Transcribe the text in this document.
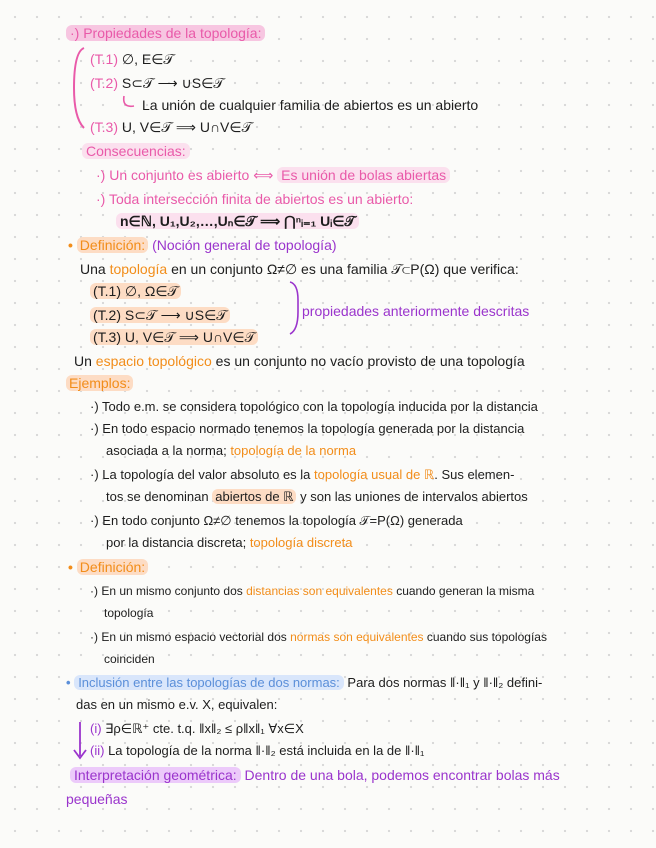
·) Propiedades de la topología:
(T.1) ∅, E∈𝒯
(T.2) S⊂𝒯 ⟶ ∪S∈𝒯
La unión de cualquier familia de abiertos es un abierto
(T.3) U, V∈𝒯 ⟹ U∩V∈𝒯
Consecuencias:
·) Un conjunto es abierto ⟺ Es unión de bolas abiertas
·) Toda intersección finita de abiertos es un abierto:
n∈ℕ, U₁,U₂,…,Uₙ∈𝒯 ⟹ ⋂ⁿᵢ₌₁ Uᵢ∈𝒯
• Definición: (Noción general de topología)
Una topología en un conjunto Ω≠∅ es una familia 𝒯⊂P(Ω) que verifica:
(T.1) ∅, Ω∈𝒯
(T.2) S⊂𝒯 ⟶ ∪S∈𝒯
(T.3) U, V∈𝒯 ⟹ U∩V∈𝒯
propiedades anteriormente descritas
Un espacio topológico es un conjunto no vacío provisto de una topología
Ejemplos:
·) Todo e.m. se considera topológico con la topología inducida por la distancia
·) En todo espacio normado tenemos la topología generada por la distancia
asociada a la norma; topología de la norma
·) La topología del valor absoluto es la topología usual de ℝ. Sus elemen-
tos se denominan abiertos de ℝ y son las uniones de intervalos abiertos
·) En todo conjunto Ω≠∅ tenemos la topología 𝒯=P(Ω) generada
por la distancia discreta; topología discreta
• Definición:
·) En un mismo conjunto dos distancias son equivalentes cuando generan la misma
topología
·) En un mismo espacio vectorial dos normas son equivalentes cuando sus topologías
coinciden
• Inclusión entre las topologías de dos normas: Para dos normas ‖·‖₁ y ‖·‖₂ defini-
das en un mismo e.v. X, equivalen:
(i) ∃ρ∈ℝ⁺ cte. t.q. ‖x‖₂ ≤ ρ‖x‖₁ ∀x∈X
(ii) La topología de la norma ‖·‖₂ está incluida en la de ‖·‖₁
Interpretación geométrica: Dentro de una bola, podemos encontrar bolas más
pequeñas
